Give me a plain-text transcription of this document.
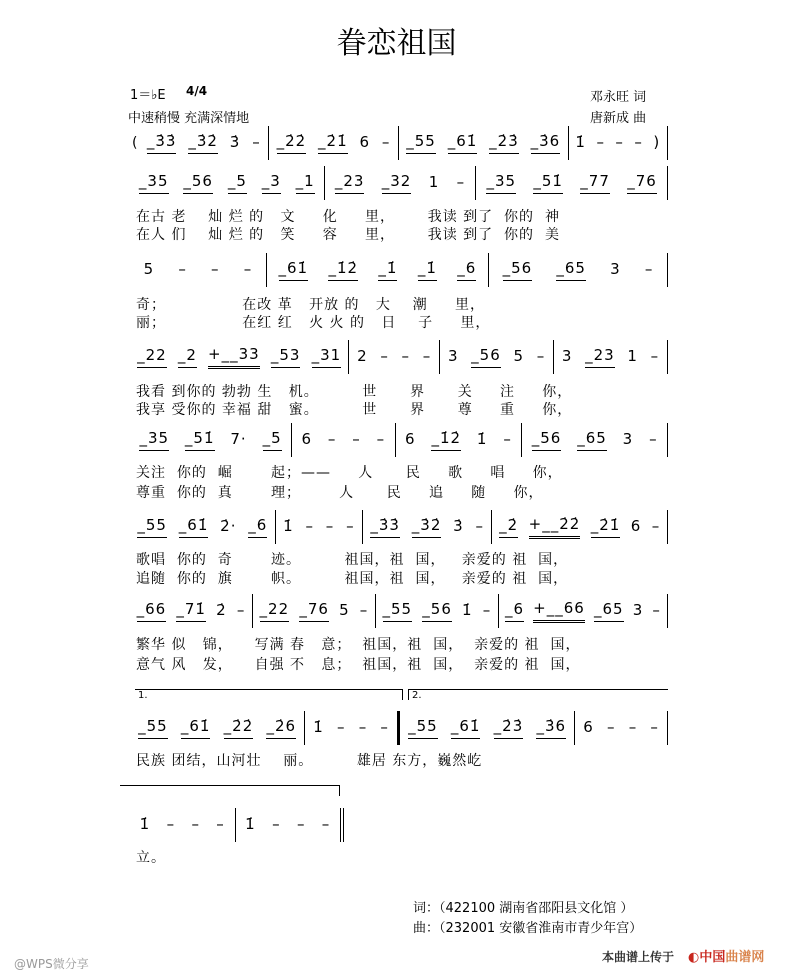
眷恋祖国
1＝♭E 4/4
中速稍慢 充满深情地
邓永旺 词
唐新成 曲
( _3̇3̇ _3̇2̇ 3̇ – _2̇2̇ _2̇1̇ 6 – _55 _61̇ _2̇3̇ _3̇6 1̇ – – – )
_35 _56 _5 _3 _1 _23 _32 1 – _35 _51̇ _77 _76
在古 老    灿 烂 的   文     化     里，      我读 到了  你的  神
在人 们    灿 烂 的   笑     容     里，      我读 到了  你的  美
5 – – – _61̇ _1̇2̇ _1̇ _1̇ _6 _56 _65 3 –
奇；              在改 革   开放 的   大    潮     里，
丽；              在红 红   火 火 的   日    子     里，
_22 _2 +__33 _53 _31 2 – – – 3 _56 5 – 3 _23 1 –
我看 到你的 勃勃 生   机。        世      界      关     注     你，
我享 受你的 幸福 甜   蜜。        世      界      尊     重     你，
_35 _51̇ 7· _5 6 – – – 6 _1̇2̇ 1̇ – _56 _65 3 –
关注  你的  崛       起；——     人      民     歌     唱     你，
尊重  你的  真       理；       人      民     追     随     你，
_55 _61̇ 2̇· _6 1̇ – – – _3̇3̇ _3̇2̇ 3̇ – _2̇ +__2̇2̇ _2̇1̇ 6 –
歌唱  你的  奇       迹。        祖国，祖  国，   亲爱的 祖  国，
追随  你的  旗       帜。        祖国，祖  国，   亲爱的 祖  国，
_66 _71̇ 2̇ – _22 _76 5 – _55 _56 1̇ – _6 +__66 _65 3 –
繁华 似   锦，    写满 春   意；  祖国，祖  国，  亲爱的 祖  国，
意气 风   发，    自强 不   息；  祖国，祖  国，  亲爱的 祖  国，
_55 _61̇ _2̇2̇ _2̇6 1̇ – – – _55 _61̇ _2̇3̇ _3̇6 6 – – –
民族 团结，山河壮    丽。        雄居 东方，巍然屹
1̇ – – – 1̇ – – –
立。
1.	2.
词：（422100 湖南省邵阳县文化馆 ）
曲：（232001 安徽省淮南市青少年宫）
本曲谱上传于 ◐中国曲谱网
@WPS微分享
